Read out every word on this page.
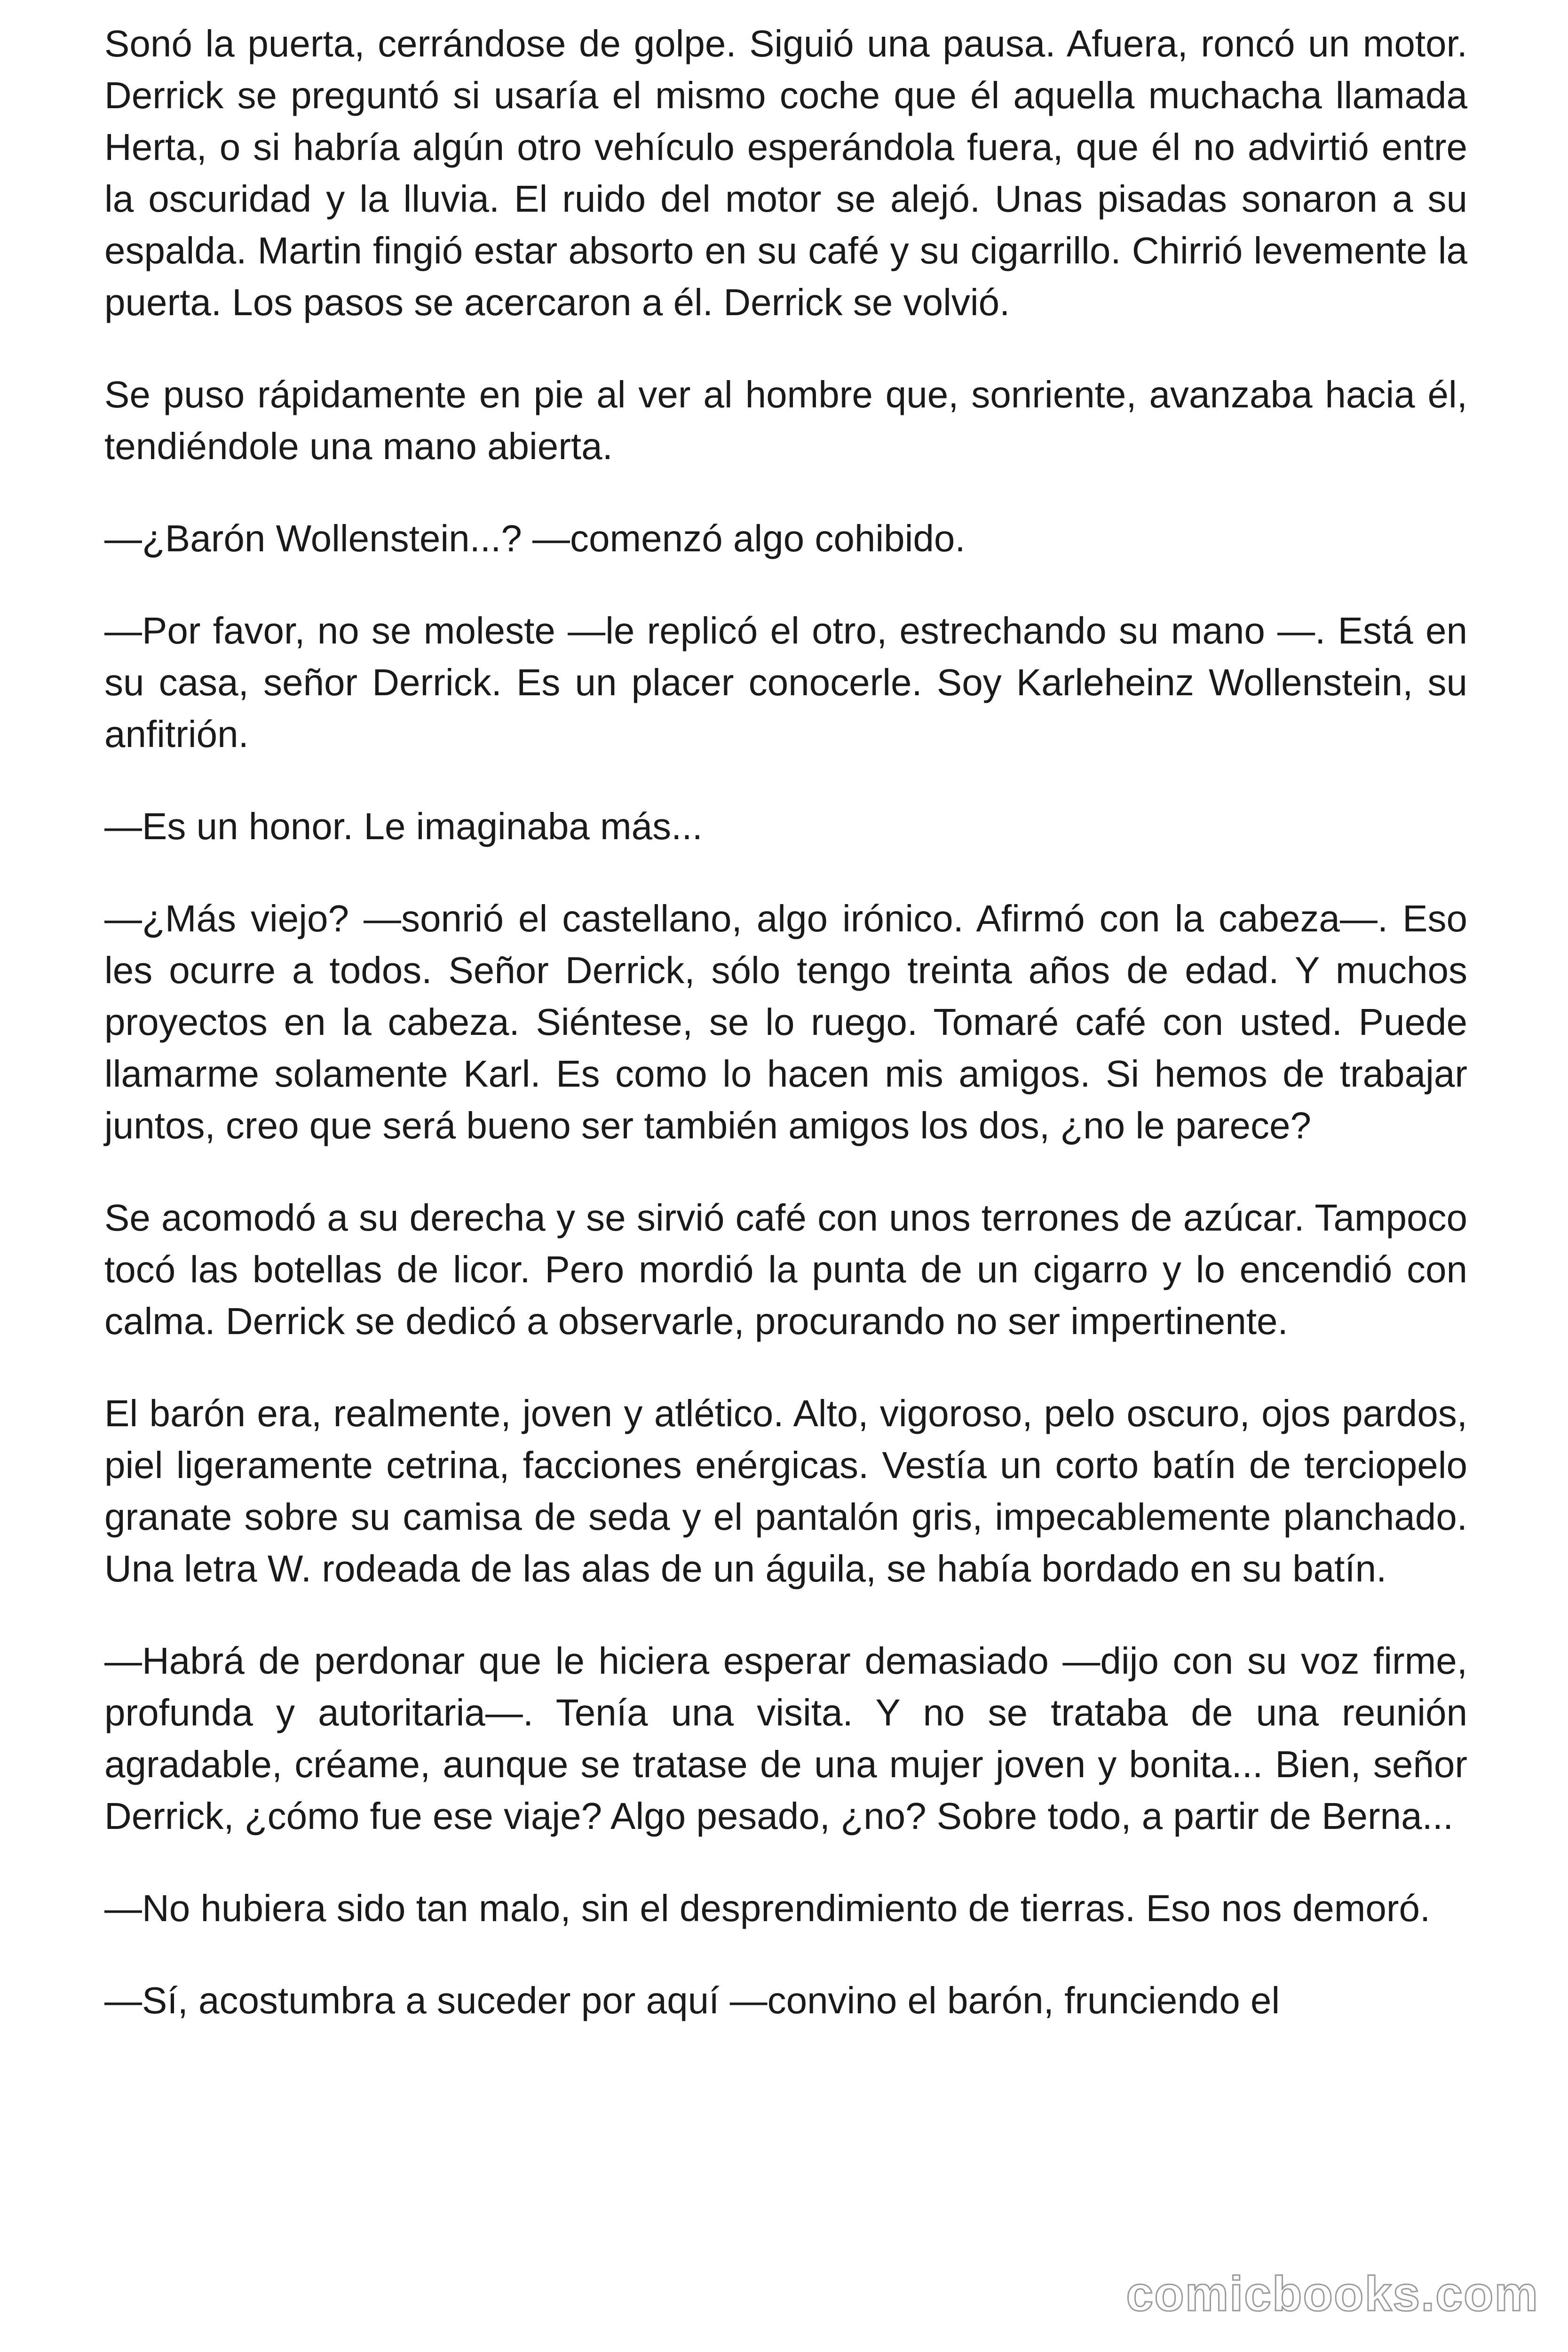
Sonó la puerta, cerrándose de golpe. Siguió una pausa. Afuera, roncó un motor. Derrick se preguntó si usaría el mismo coche que él aquella muchacha llamada Herta, o si habría algún otro vehículo esperándola fuera, que él no advirtió entre la oscuridad y la lluvia. El ruido del motor se alejó. Unas pisadas sonaron a su espalda. Martin fingió estar absorto en su café y su cigarrillo. Chirrió levemente la puerta. Los pasos se acercaron a él. Derrick se volvió.

Se puso rápidamente en pie al ver al hombre que, sonriente, avanzaba hacia él, tendiéndole una mano abierta.

—¿Barón Wollenstein...? —comenzó algo cohibido.

—Por favor, no se moleste —le replicó el otro, estrechando su mano —. Está en su casa, señor Derrick. Es un placer conocerle. Soy Karleheinz Wollenstein, su anfitrión.

—Es un honor. Le imaginaba más...

—¿Más viejo? —sonrió el castellano, algo irónico. Afirmó con la cabeza—. Eso les ocurre a todos. Señor Derrick, sólo tengo treinta años de edad. Y muchos proyectos en la cabeza. Siéntese, se lo ruego. Tomaré café con usted. Puede llamarme solamente Karl. Es como lo hacen mis amigos. Si hemos de trabajar juntos, creo que será bueno ser también amigos los dos, ¿no le parece?

Se acomodó a su derecha y se sirvió café con unos terrones de azúcar. Tampoco tocó las botellas de licor. Pero mordió la punta de un cigarro y lo encendió con calma. Derrick se dedicó a observarle, procurando no ser impertinente.

El barón era, realmente, joven y atlético. Alto, vigoroso, pelo oscuro, ojos pardos, piel ligeramente cetrina, facciones enérgicas. Vestía un corto batín de terciopelo granate sobre su camisa de seda y el pantalón gris, impecablemente planchado. Una letra W. rodeada de las alas de un águila, se había bordado en su batín.

—Habrá de perdonar que le hiciera esperar demasiado —dijo con su voz firme, profunda y autoritaria—. Tenía una visita. Y no se trataba de una reunión agradable, créame, aunque se tratase de una mujer joven y bonita... Bien, señor Derrick, ¿cómo fue ese viaje? Algo pesado, ¿no? Sobre todo, a partir de Berna...

—No hubiera sido tan malo, sin el desprendimiento de tierras. Eso nos demoró.

—Sí, acostumbra a suceder por aquí —convino el barón, frunciendo el

comicbooks.com
